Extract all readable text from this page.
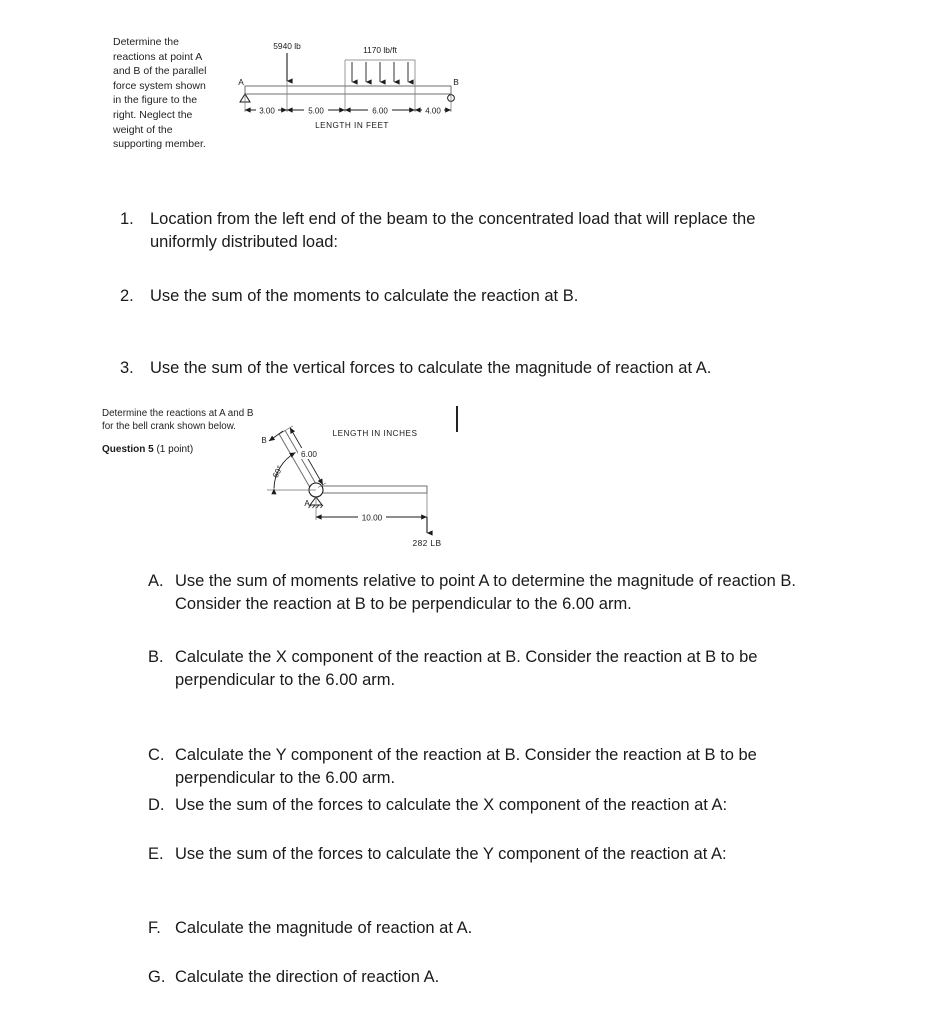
Determine the reactions at point A and B of the parallel force system shown in the figure to the right. Neglect the weight of the supporting member.
5940 lb	1170 lb/ft
A	B
3.00	5.00	6.00	4.00
LENGTH IN FEET
1. Location from the left end of the beam to the concentrated load that will replace the uniformly distributed load:
2. Use the sum of the moments to calculate the reaction at B.
3. Use the sum of the vertical forces to calculate the magnitude of reaction at A.
Determine the reactions at A and B for the bell crank shown below.
Question 5 (1 point)
LENGTH IN INCHES
A
B
6.00
60°
10.00
282 LB
A. Use the sum of moments relative to point A to determine the magnitude of reaction B. Consider the reaction at B to be perpendicular to the 6.00 arm.
B. Calculate the X component of the reaction at B. Consider the reaction at B to be perpendicular to the 6.00 arm.
C. Calculate the Y component of the reaction at B. Consider the reaction at B to be perpendicular to the 6.00 arm.
D. Use the sum of the forces to calculate the X component of the reaction at A:
E. Use the sum of the forces to calculate the Y component of the reaction at A:
F. Calculate the magnitude of reaction at A.
G. Calculate the direction of reaction A.
